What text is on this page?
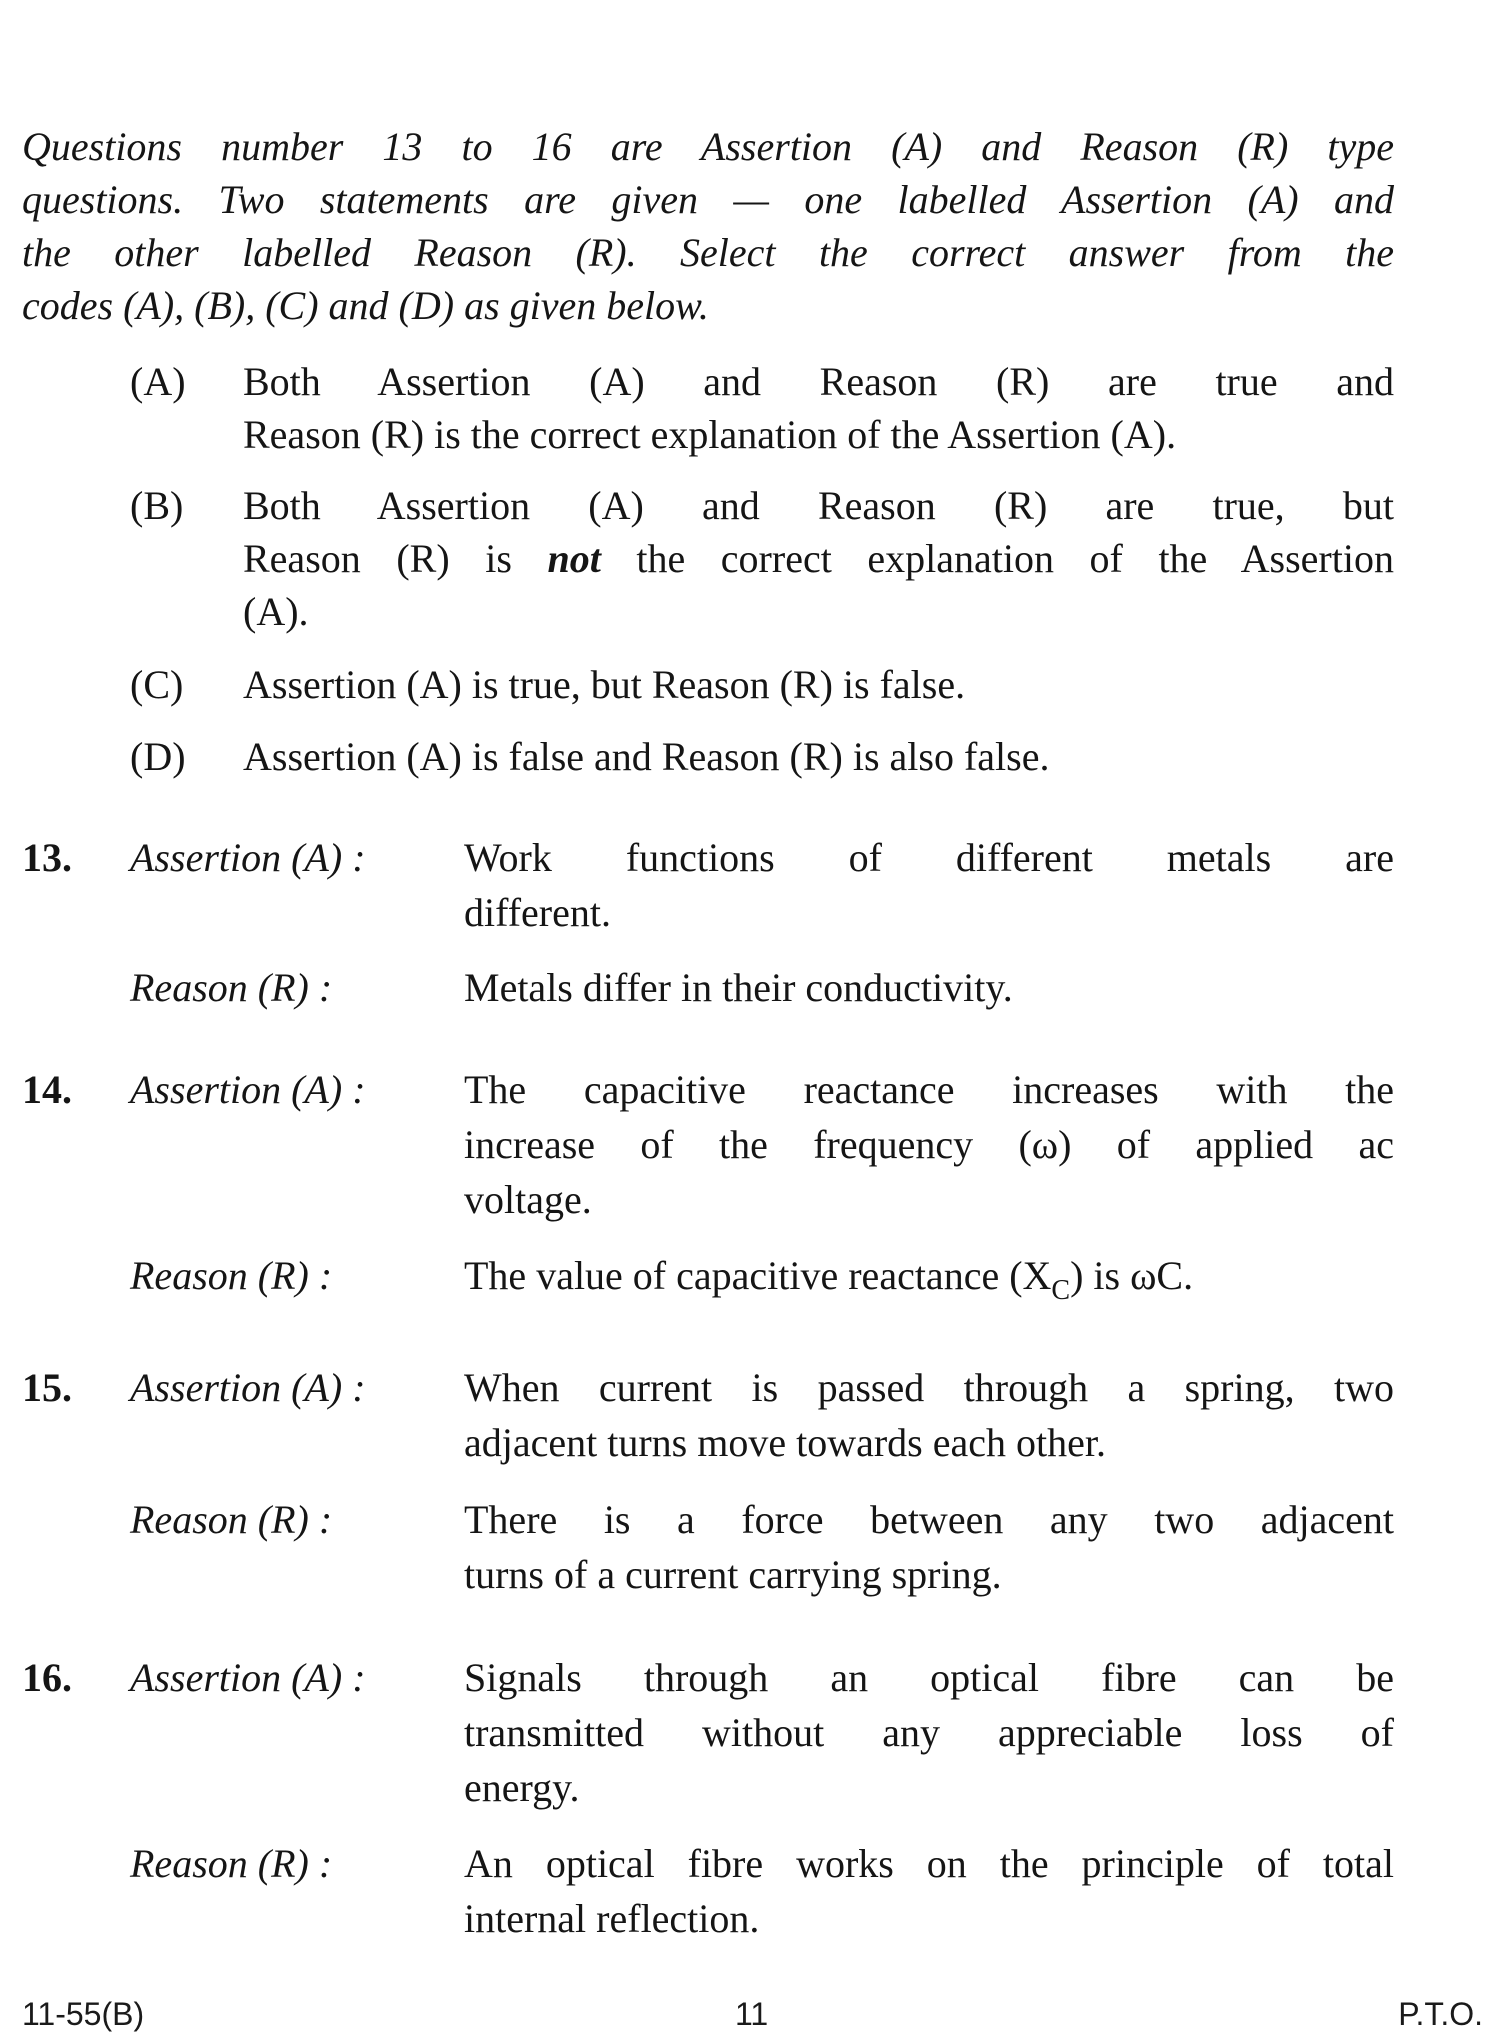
Questions number 13 to 16 are Assertion (A) and Reason (R) type
questions. Two statements are given — one labelled Assertion (A) and
the other labelled Reason (R). Select the correct answer from the
codes (A), (B), (C) and (D) as given below.
(A) Both Assertion (A) and Reason (R) are true and
Reason (R) is the correct explanation of the Assertion (A).
(B) Both Assertion (A) and Reason (R) are true, but
Reason (R) is not the correct explanation of the Assertion
(A).
(C) Assertion (A) is true, but Reason (R) is false.
(D) Assertion (A) is false and Reason (R) is also false.
13. Assertion (A) : Work functions of different metals are
different.
Reason (R) :	Metals differ in their conductivity.
14. Assertion (A) : The capacitive reactance increases with the
increase of the frequency (ω) of applied ac
voltage.
Reason (R) :	The value of capacitive reactance $(X_C)$ is ωC.
15. Assertion (A) : When current is passed through a spring, two
adjacent turns move towards each other.
Reason (R) :	There is a force between any two adjacent
turns of a current carrying spring.
16. Assertion (A) : Signals through an optical fibre can be
transmitted without any appreciable loss of
energy.
Reason (R) :	An optical fibre works on the principle of total
internal reflection.
11-55(B)	11	P.T.O.
